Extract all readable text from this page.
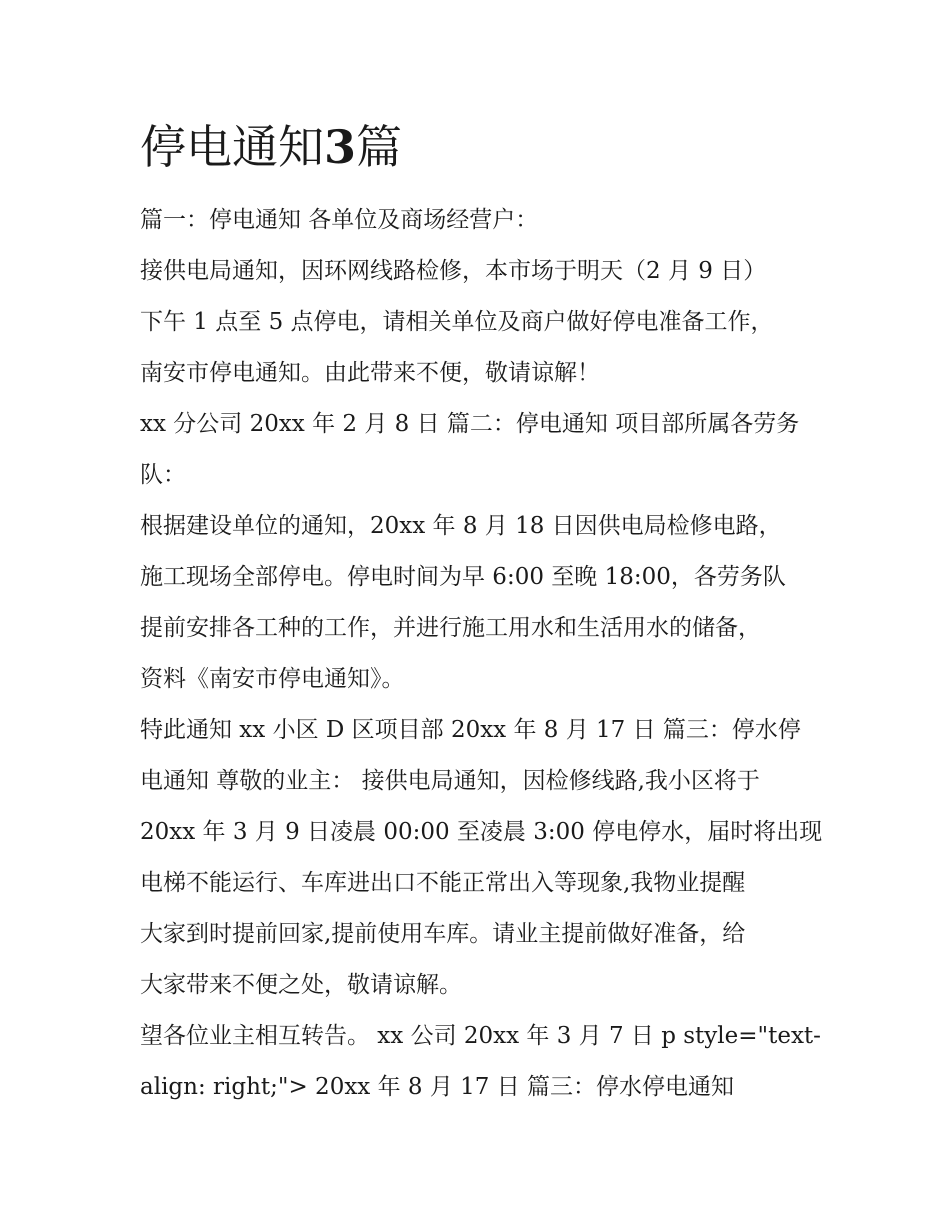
停电通知3篇
篇一：停电通知 各单位及商场经营户：
接供电局通知，因环网线路检修，本市场于明天（2 月 9 日）
下午 1 点至 5 点停电，请相关单位及商户做好停电准备工作，
南安市停电通知。由此带来不便，敬请谅解！
xx 分公司 20xx 年 2 月 8 日 篇二：停电通知 项目部所属各劳务
队：
根据建设单位的通知，20xx 年 8 月 18 日因供电局检修电路，
施工现场全部停电。停电时间为早 6:00 至晚 18:00，各劳务队
提前安排各工种的工作，并进行施工用水和生活用水的储备，
资料《南安市停电通知》。
特此通知 xx 小区 D 区项目部 20xx 年 8 月 17 日 篇三：停水停
电通知 尊敬的业主： 接供电局通知，因检修线路,我小区将于
20xx 年 3 月 9 日凌晨 00:00 至凌晨 3:00 停电停水，届时将出现
电梯不能运行、车库进出口不能正常出入等现象,我物业提醒
大家到时提前回家,提前使用车库。请业主提前做好准备，给
大家带来不便之处，敬请谅解。
望各位业主相互转告。 xx 公司 20xx 年 3 月 7 日 p style="text-
align: right;"> 20xx 年 8 月 17 日 篇三：停水停电通知
